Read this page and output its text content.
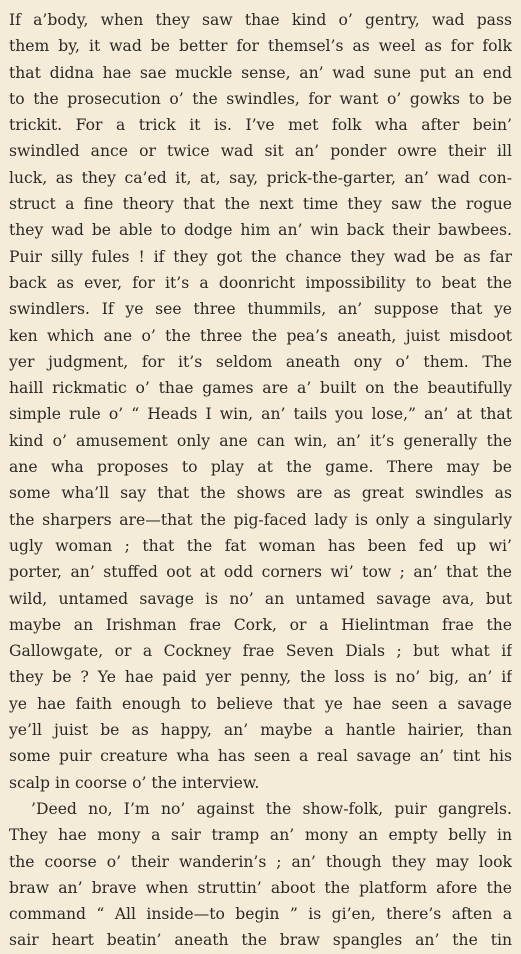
If a’body, when they saw thae kind o’ gentry, wad pass
them by, it wad be better for themsel’s as weel as for folk
that didna hae sae muckle sense, an’ wad sune put an end
to the prosecution o’ the swindles, for want o’ gowks to be
trickit. For a trick it is. I’ve met folk wha after bein’
swindled ance or twice wad sit an’ ponder owre their ill
luck, as they ca’ed it, at, say, prick-the-garter, an’ wad con-
struct a fine theory that the next time they saw the rogue
they wad be able to dodge him an’ win back their bawbees.
Puir silly fules ! if they got the chance they wad be as far
back as ever, for it’s a doonricht impossibility to beat the
swindlers. If ye see three thummils, an’ suppose that ye
ken which ane o’ the three the pea’s aneath, juist misdoot
yer judgment, for it’s seldom aneath ony o’ them. The
haill rickmatic o’ thae games are a’ built on the beautifully
simple rule o’ “ Heads I win, an’ tails you lose,” an’ at that
kind o’ amusement only ane can win, an’ it’s generally the
ane wha proposes to play at the game. There may be
some wha’ll say that the shows are as great swindles as
the sharpers are—that the pig-faced lady is only a singularly
ugly woman ; that the fat woman has been fed up wi’
porter, an’ stuffed oot at odd corners wi’ tow ; an’ that the
wild, untamed savage is no’ an untamed savage ava, but
maybe an Irishman frae Cork, or a Hielintman frae the
Gallowgate, or a Cockney frae Seven Dials ; but what if
they be ? Ye hae paid yer penny, the loss is no’ big, an’ if
ye hae faith enough to believe that ye hae seen a savage
ye’ll juist be as happy, an’ maybe a hantle hairier, than
some puir creature wha has seen a real savage an’ tint his
scalp in coorse o’ the interview.
’Deed no, I’m no’ against the show-folk, puir gangrels.
They hae mony a sair tramp an’ mony an empty belly in
the coorse o’ their wanderin’s ; an’ though they may look
braw an’ brave when struttin’ aboot the platform afore the
command “ All inside—to begin ” is gi’en, there’s aften a
sair heart beatin’ aneath the braw spangles an’ the tin
